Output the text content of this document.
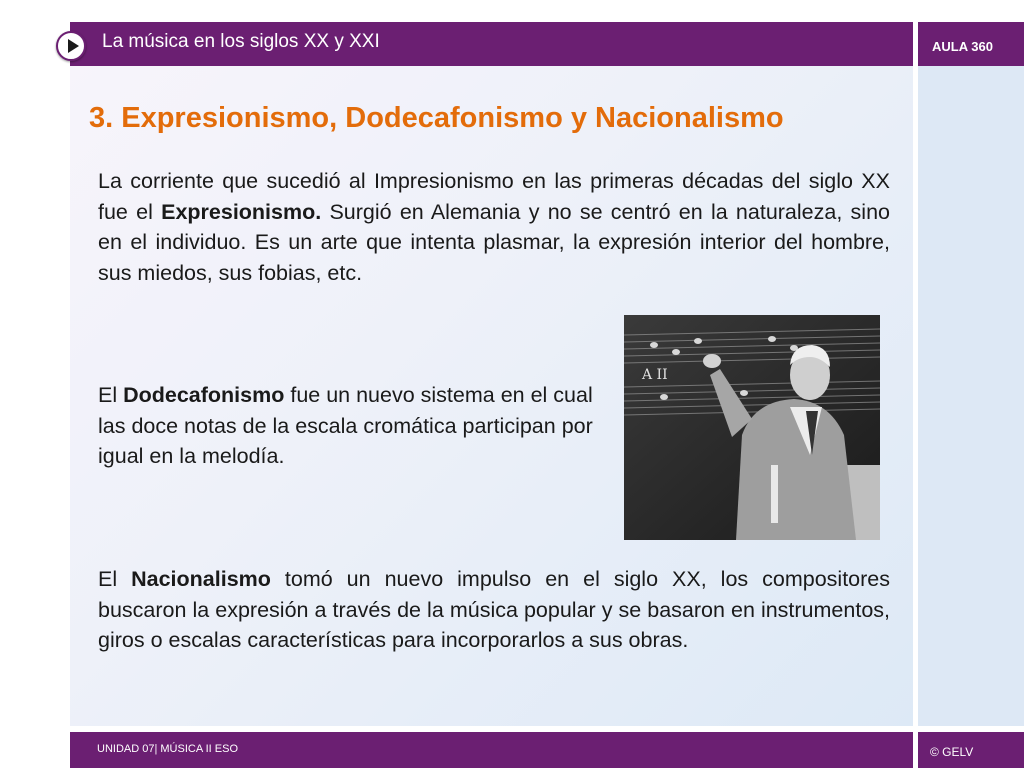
La música en los siglos XX y XXI	AULA 360
3. Expresionismo, Dodecafonismo y Nacionalismo

La corriente que sucedió al Impresionismo en las primeras décadas del siglo XX fue el Expresionismo. Surgió en Alemania y no se centró en la naturaleza, sino en el individuo. Es un arte que intenta plasmar, la expresión interior del hombre, sus miedos, sus fobias, etc.

El Dodecafonismo fue un nuevo sistema en el cual las doce notas de la escala cromática participan por igual en la melodía.

A II

El Nacionalismo tomó un nuevo impulso en el siglo XX, los compositores buscaron la expresión a través de la música popular y se basaron en instrumentos, giros o escalas características para incorporarlos a sus obras.

UNIDAD 07| MÚSICA II ESO	© GELV
